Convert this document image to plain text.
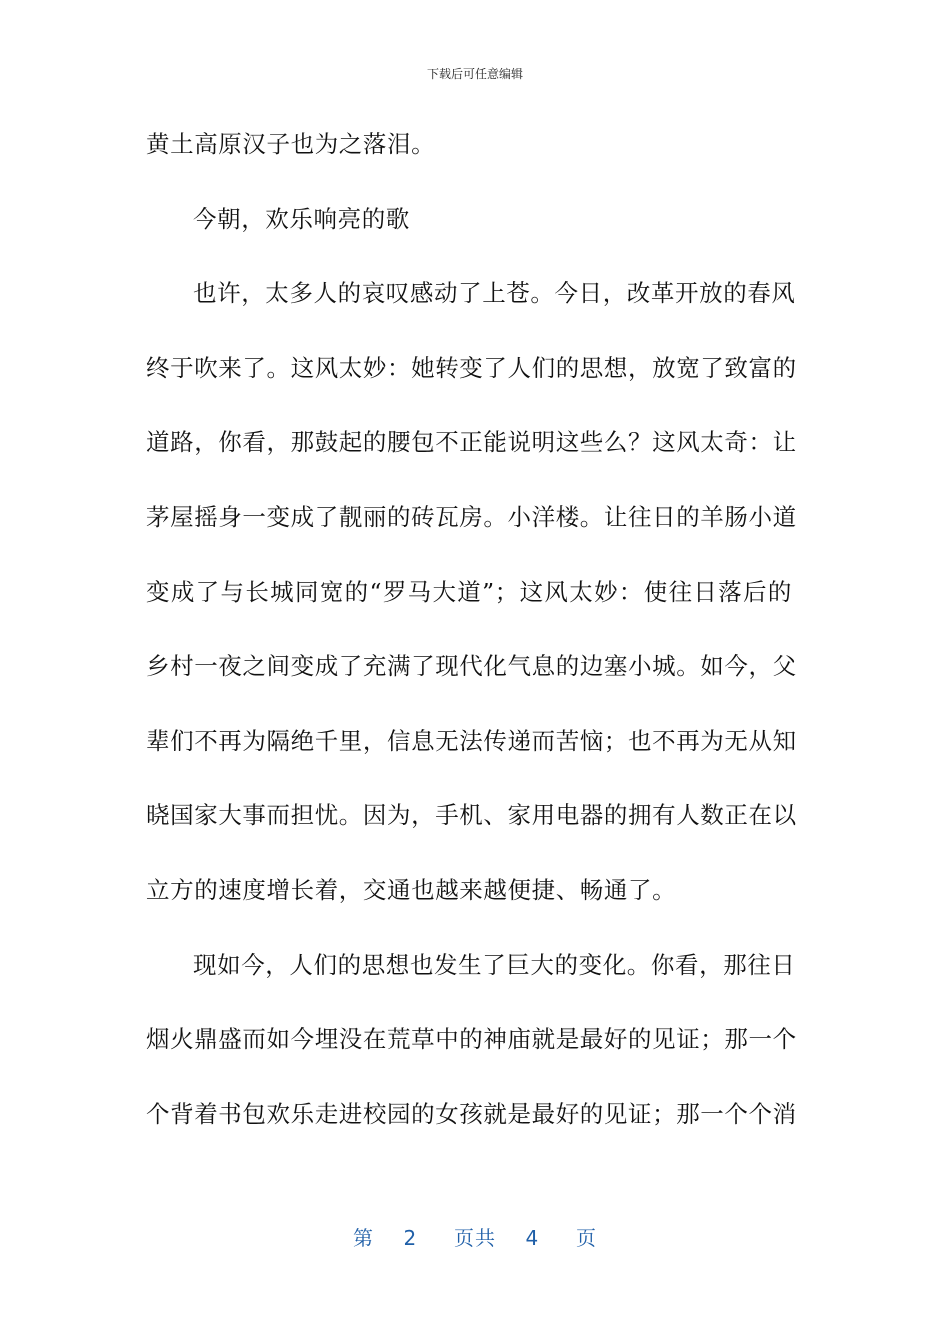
下载后可任意编辑
黄土高原汉子也为之落泪。
今朝，欢乐响亮的歌
也许，太多人的哀叹感动了上苍。今日，改革开放的春风
终于吹来了。这风太妙：她转变了人们的思想，放宽了致富的
道路，你看，那鼓起的腰包不正能说明这些么？这风太奇：让
茅屋摇身一变成了靓丽的砖瓦房。小洋楼。让往日的羊肠小道
变成了与长城同宽的“罗马大道”；这风太妙：使往日落后的
乡村一夜之间变成了充满了现代化气息的边塞小城。如今，父
辈们不再为隔绝千里，信息无法传递而苦恼；也不再为无从知
晓国家大事而担忧。因为，手机、家用电器的拥有人数正在以
立方的速度增长着，交通也越来越便捷、畅通了。
现如今，人们的思想也发生了巨大的变化。你看，那往日
烟火鼎盛而如今埋没在荒草中的神庙就是最好的见证；那一个
个背着书包欢乐走进校园的女孩就是最好的见证；那一个个消
第 2 页共 4 页
